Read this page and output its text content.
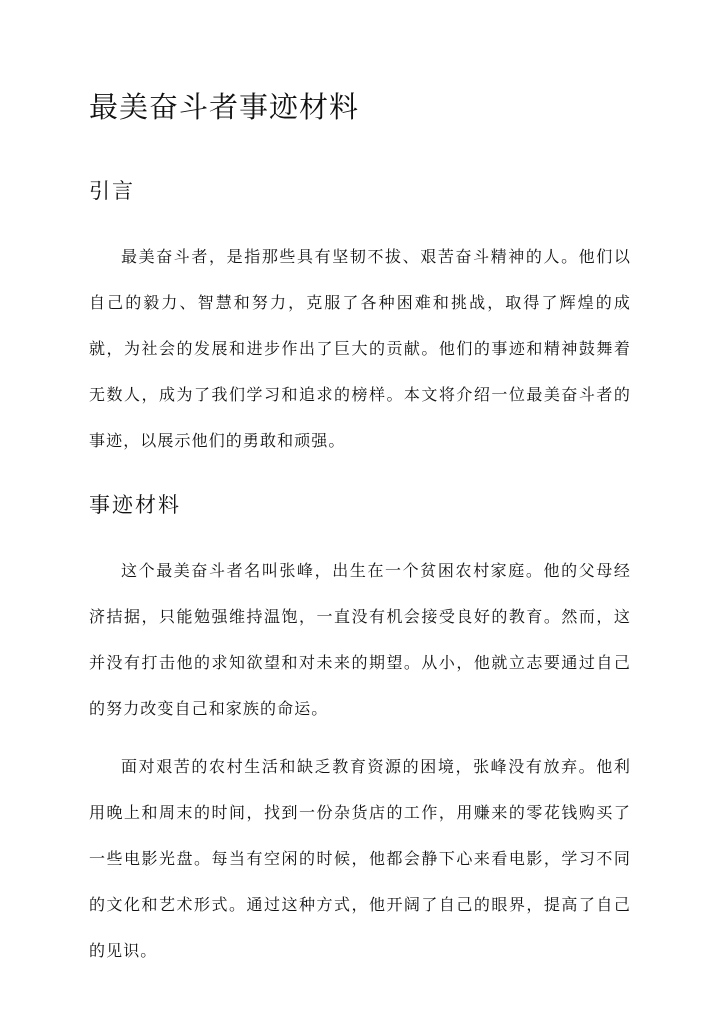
最美奋斗者事迹材料
引言

最美奋斗者，是指那些具有坚韧不拔、艰苦奋斗精神的人。他们以自己的毅力、智慧和努力，克服了各种困难和挑战，取得了辉煌的成就，为社会的发展和进步作出了巨大的贡献。他们的事迹和精神鼓舞着无数人，成为了我们学习和追求的榜样。本文将介绍一位最美奋斗者的事迹，以展示他们的勇敢和顽强。

事迹材料

这个最美奋斗者名叫张峰，出生在一个贫困农村家庭。他的父母经济拮据，只能勉强维持温饱，一直没有机会接受良好的教育。然而，这并没有打击他的求知欲望和对未来的期望。从小，他就立志要通过自己的努力改变自己和家族的命运。

面对艰苦的农村生活和缺乏教育资源的困境，张峰没有放弃。他利用晚上和周末的时间，找到一份杂货店的工作，用赚来的零花钱购买了一些电影光盘。每当有空闲的时候，他都会静下心来看电影，学习不同的文化和艺术形式。通过这种方式，他开阔了自己的眼界，提高了自己的见识。
